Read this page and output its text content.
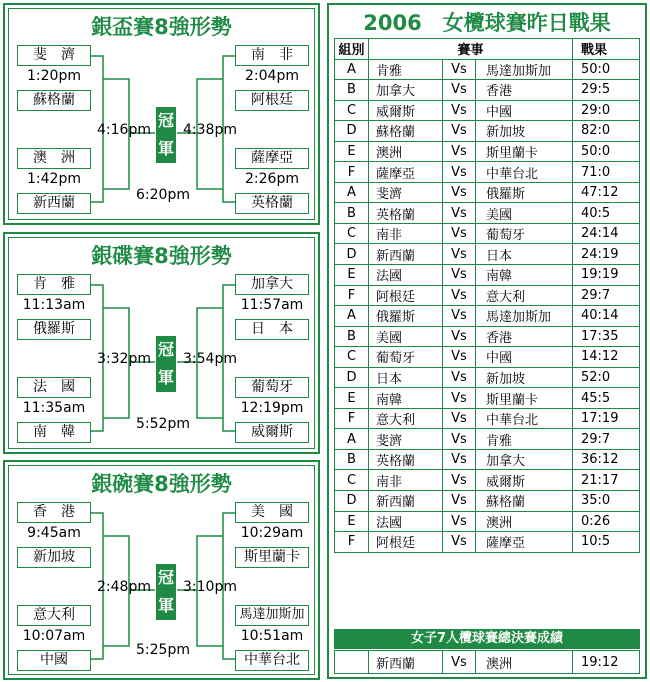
銀盃賽8強形勢
斐　濟
1:20pm
蘇格蘭
澳　洲
1:42pm
新西蘭
南　非
2:04pm
阿根廷
薩摩亞
2:26pm
英格蘭
4:16pm 4:38pm
6:20pm
冠軍
銀碟賽8強形勢
肯　雅
11:13am
俄羅斯
法　國
11:35am
南　韓
加拿大
11:57am
日　本
葡萄牙
12:19pm
威爾斯
3:32pm 3:54pm
5:52pm
冠軍
銀碗賽8強形勢
香　港
9:45am
新加坡
意大利
10:07am
中國
美　國
10:29am
斯里蘭卡
馬達加斯加
10:51am
中華台北
2:48pm 3:10pm
5:25pm
冠軍
2006　女欖球賽昨日戰果
組別	賽事			戰果
A	肯雅	Vs	馬達加斯加	50:0
B	加拿大	Vs	香港	29:5
C	威爾斯	Vs	中國	29:0
D	蘇格蘭	Vs	新加坡	82:0
E	澳洲	Vs	斯里蘭卡	50:0
F	薩摩亞	Vs	中華台北	71:0
A	斐濟	Vs	俄羅斯	47:12
B	英格蘭	Vs	美國	40:5
C	南非	Vs	葡萄牙	24:14
D	新西蘭	Vs	日本	24:19
E	法國	Vs	南韓	19:19
F	阿根廷	Vs	意大利	29:7
A	俄羅斯	Vs	馬達加斯加	40:14
B	美國	Vs	香港	17:35
C	葡萄牙	Vs	中國	14:12
D	日本	Vs	新加坡	52:0
E	南韓	Vs	斯里蘭卡	45:5
F	意大利	Vs	中華台北	17:19
A	斐濟	Vs	肯雅	29:7
B	英格蘭	Vs	加拿大	36:12
C	南非	Vs	威爾斯	21:17
D	新西蘭	Vs	蘇格蘭	35:0
E	法國	Vs	澳洲	0:26
F	阿根廷	Vs	薩摩亞	10:5
女子7人欖球賽總決賽成績
	新西蘭	Vs	澳洲	19:12
